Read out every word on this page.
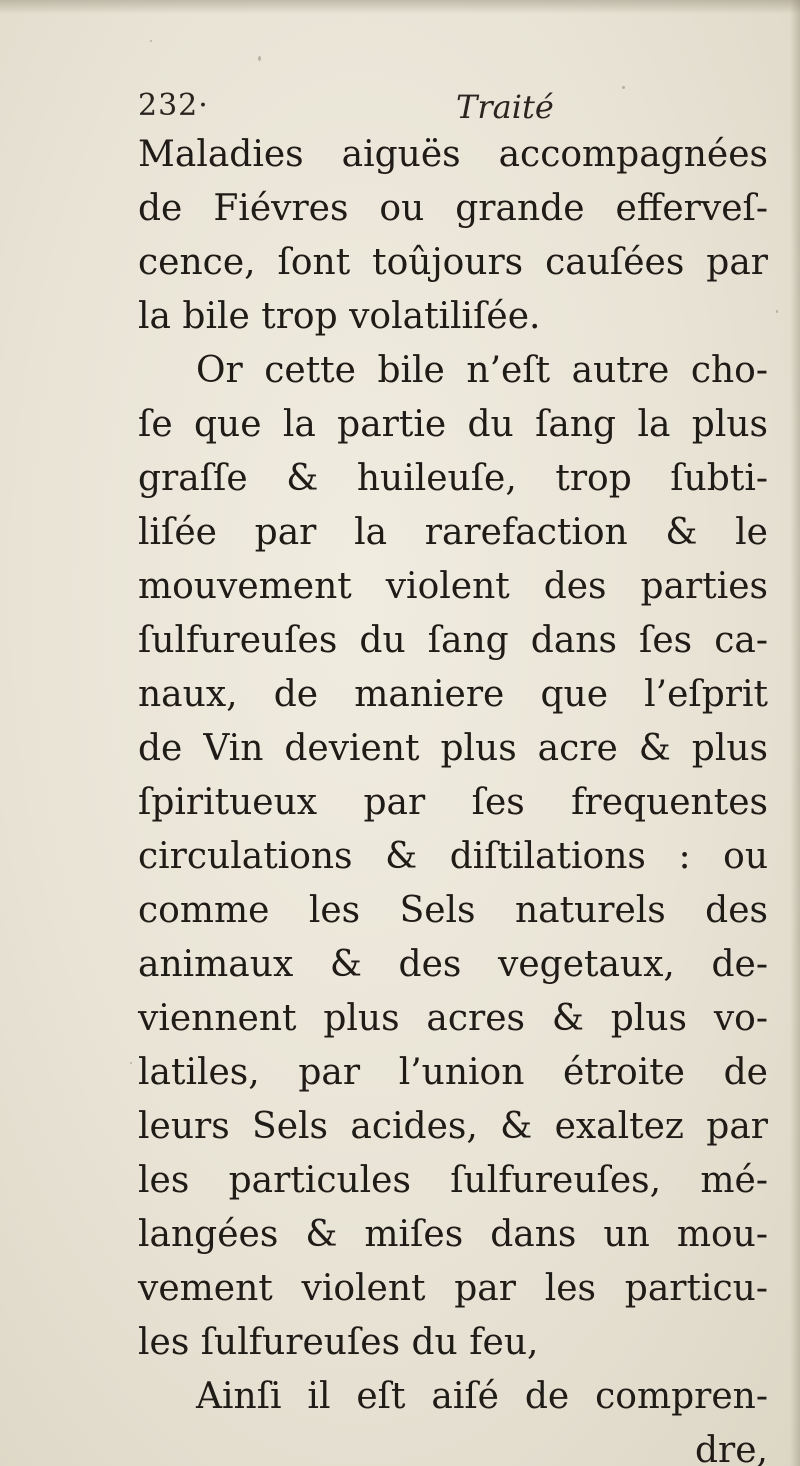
232·	Traité
Maladies aiguës accompagnées
de Fiévres ou grande efferveſ-
cence, ſont toûjours cauſées par
la bile trop volatiliſée.
Or cette bile n’eſt autre cho-
ſe que la partie du ſang la plus
graſſe & huileuſe, trop ſubti-
liſée par la rarefaction & le
mouvement violent des parties
ſulfureuſes du ſang dans ſes ca-
naux, de maniere que l’eſprit
de Vin devient plus acre & plus
ſpiritueux par ſes frequentes
circulations & diſtilations : ou
comme les Sels naturels des
animaux & des vegetaux, de-
viennent plus acres & plus vo-
latiles, par l’union étroite de
leurs Sels acides, & exaltez par
les particules ſulfureuſes, mé-
langées & miſes dans un mou-
vement violent par les particu-
les ſulfureuſes du feu,
Ainſi il eſt aiſé de compren-
dre,
